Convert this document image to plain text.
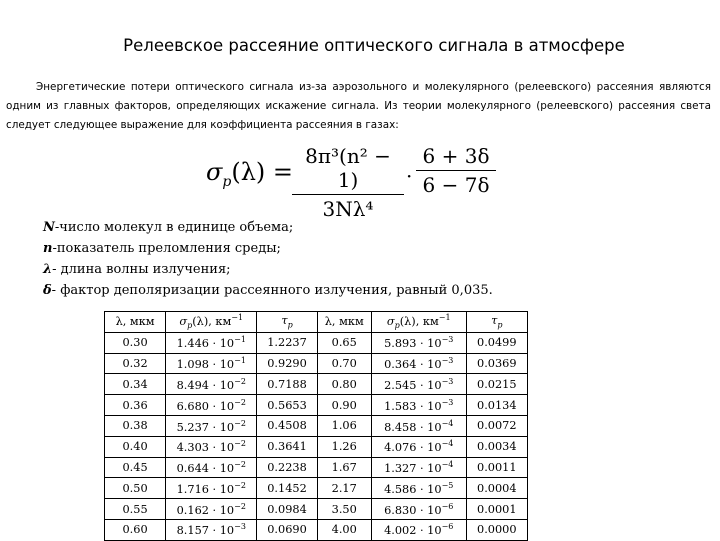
Релеевское рассеяние оптического сигнала в атмосфере
Энергетические потери оптического сигнала из-за аэрозольного и молекулярного (релеевского) рассеяния являются одним из главных факторов, определяющих искажение сигнала. Из теории молекулярного (релеевского) рассеяния света следует следующее выражение для коэффициента рассеяния в газах:
$\sigma_p(\lambda)$ =
8π³(n² − 1)
3Nλ⁴
·
6 + 3δ
6 − 7δ
N-число молекул в единице объема;
n-показатель преломления среды;
λ- длина волны излучения;
δ- фактор деполяризации рассеянного излучения, равный 0,035.
λ, мкм	$\sigma_p(\lambda)$, $км^{-1}$	$\tau_p$	λ, мкм	$\sigma_p(\lambda)$, $км^{-1}$	$\tau_p$
0.30	$1.446 \cdot 10^{-1}$	1.2237	0.65	$5.893 \cdot 10^{-3}$	0.0499
0.32	$1.098 \cdot 10^{-1}$	0.9290	0.70	$0.364 \cdot 10^{-3}$	0.0369
0.34	$8.494 \cdot 10^{-2}$	0.7188	0.80	$2.545 \cdot 10^{-3}$	0.0215
0.36	$6.680 \cdot 10^{-2}$	0.5653	0.90	$1.583 \cdot 10^{-3}$	0.0134
0.38	$5.237 \cdot 10^{-2}$	0.4508	1.06	$8.458 \cdot 10^{-4}$	0.0072
0.40	$4.303 \cdot 10^{-2}$	0.3641	1.26	$4.076 \cdot 10^{-4}$	0.0034
0.45	$0.644 \cdot 10^{-2}$	0.2238	1.67	$1.327 \cdot 10^{-4}$	0.0011
0.50	$1.716 \cdot 10^{-2}$	0.1452	2.17	$4.586 \cdot 10^{-5}$	0.0004
0.55	$0.162 \cdot 10^{-2}$	0.0984	3.50	$6.830 \cdot 10^{-6}$	0.0001
0.60	$8.157 \cdot 10^{-3}$	0.0690	4.00	$4.002 \cdot 10^{-6}$	0.0000
